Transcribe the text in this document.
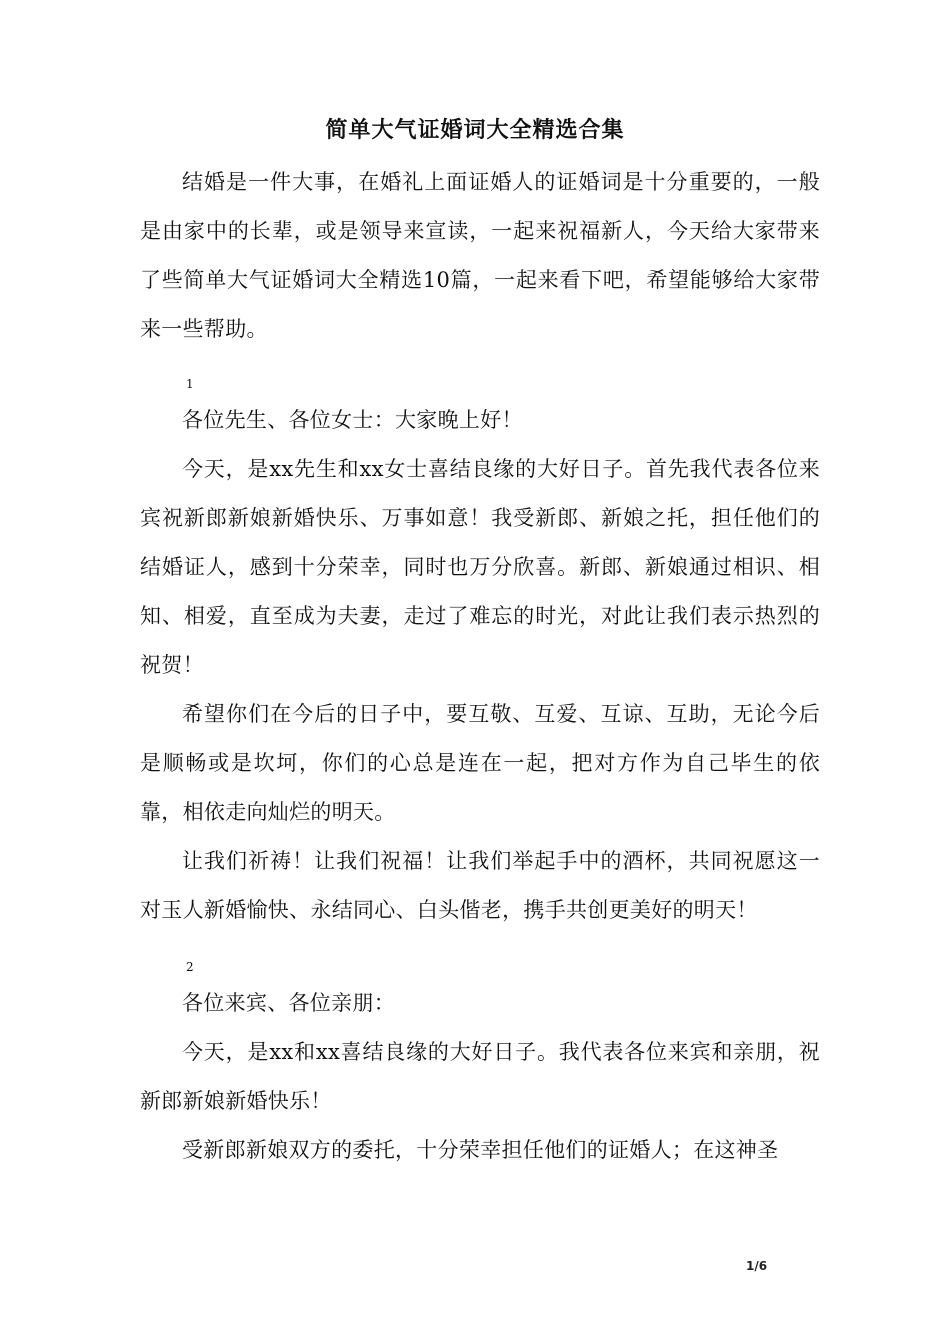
简单大气证婚词大全精选合集

结婚是一件大事，在婚礼上面证婚人的证婚词是十分重要的，一般是由家中的长辈，或是领导来宣读，一起来祝福新人，今天给大家带来了些简单大气证婚词大全精选10篇，一起来看下吧，希望能够给大家带来一些帮助。

1

各位先生、各位女士：大家晚上好！

今天，是xx先生和xx女士喜结良缘的大好日子。首先我代表各位来宾祝新郎新娘新婚快乐、万事如意！我受新郎、新娘之托，担任他们的结婚证人，感到十分荣幸，同时也万分欣喜。新郎、新娘通过相识、相知、相爱，直至成为夫妻，走过了难忘的时光，对此让我们表示热烈的祝贺！

希望你们在今后的日子中，要互敬、互爱、互谅、互助，无论今后是顺畅或是坎坷，你们的心总是连在一起，把对方作为自己毕生的依靠，相依走向灿烂的明天。

让我们祈祷！让我们祝福！让我们举起手中的酒杯，共同祝愿这一对玉人新婚愉快、永结同心、白头偕老，携手共创更美好的明天！

2

各位来宾、各位亲朋：

今天，是xx和xx喜结良缘的大好日子。我代表各位来宾和亲朋，祝新郎新娘新婚快乐！

受新郎新娘双方的委托，十分荣幸担任他们的证婚人；在这神圣

1/6
